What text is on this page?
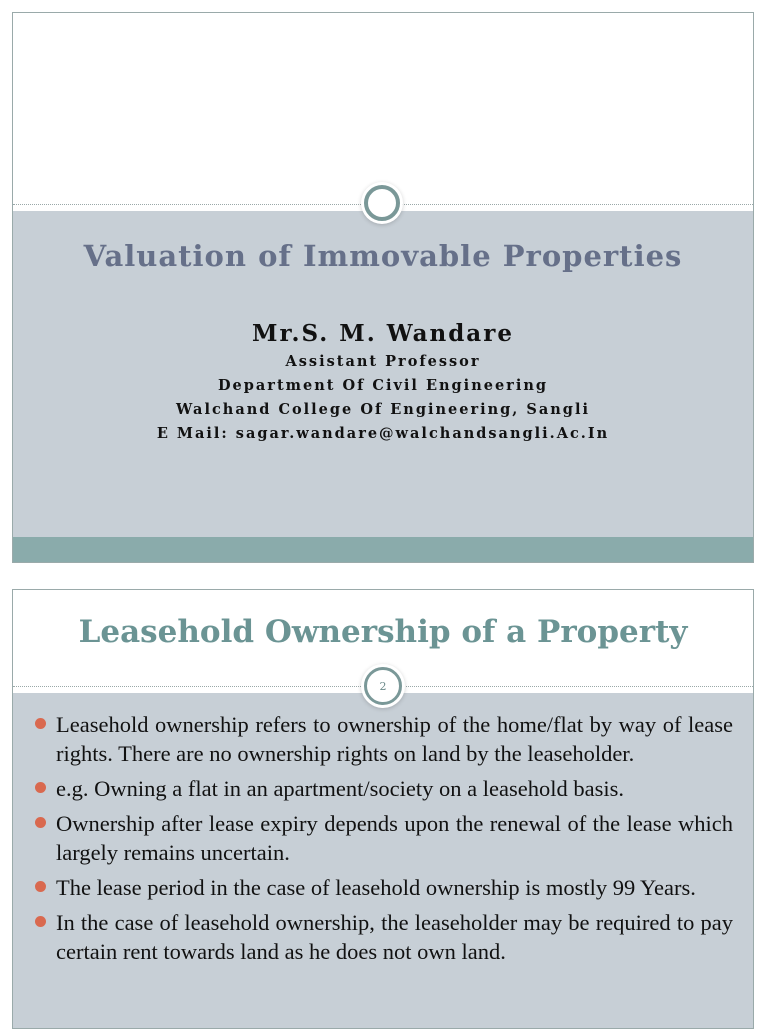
Valuation of Immovable Properties
Mr.S. M. Wandare
Assistant Professor
Department Of Civil Engineering
Walchand College Of Engineering, Sangli
E Mail: sagar.wandare@walchandsangli.Ac.In
Leasehold Ownership of a Property
2
Leasehold ownership refers to ownership of the home/flat by way of lease rights. There are no ownership rights on land by the leaseholder.
e.g. Owning a flat in an apartment/society on a leasehold basis.
Ownership after lease expiry depends upon the renewal of the lease which largely remains uncertain.
The lease period in the case of leasehold ownership is mostly 99 Years.
In the case of leasehold ownership, the leaseholder may be required to pay certain rent towards land as he does not own land.
